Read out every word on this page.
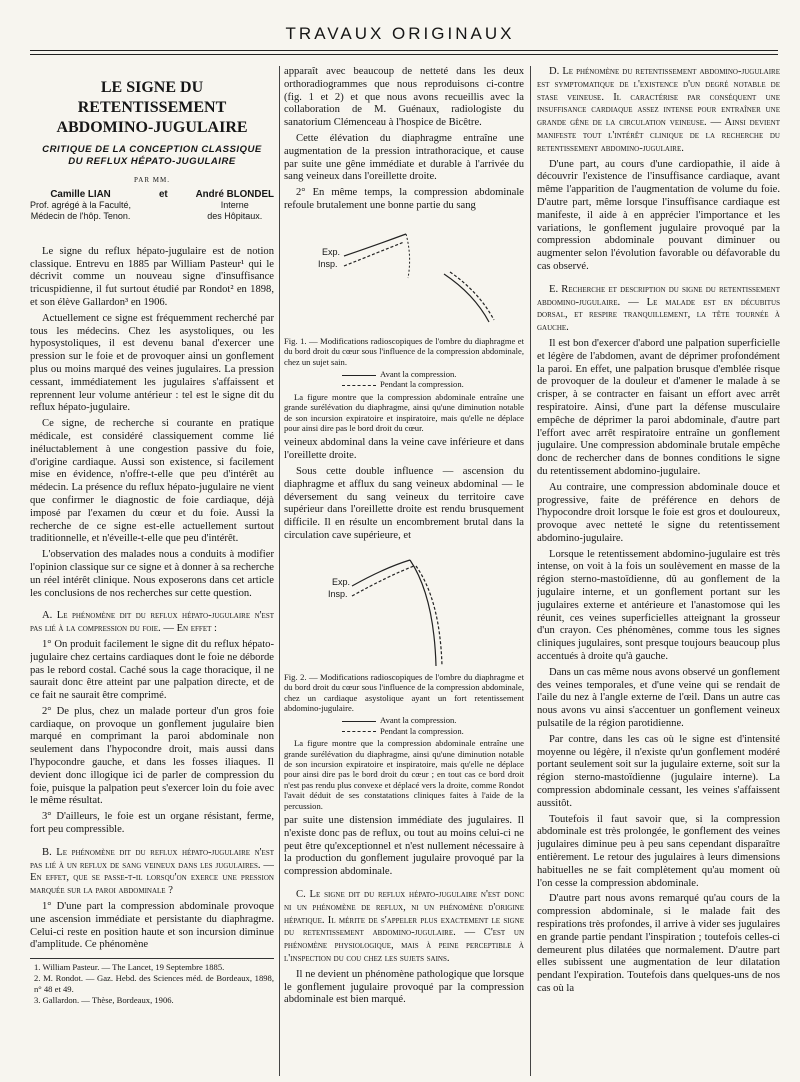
TRAVAUX ORIGINAUX
LE SIGNE DU RETENTISSEMENT
ABDOMINO-JUGULAIRE
CRITIQUE DE LA CONCEPTION CLASSIQUE
DU REFLUX HÉPATO-JUGULAIRE
PAR MM.
Camille LIAN
Prof. agrégé à la Faculté,
Médecin de l'hôp. Tenon.
et	André BLONDEL
Interne
des Hôpitaux.

Le signe du reflux hépato-jugulaire est de notion classique. Entrevu en 1885 par William Pasteur¹ qui le décrivit comme un nouveau signe d'insuffisance tricuspidienne, il fut surtout étudié par Rondot² en 1898, et son élève Gallardon³ en 1906.

Actuellement ce signe est fréquemment recherché par tous les médecins. Chez les asystoliques, ou les hyposystoliques, il est devenu banal d'exercer une pression sur le foie et de provoquer ainsi un gonflement plus ou moins marqué des veines jugulaires. La pression cessant, immédiatement les jugulaires s'affaissent et reprennent leur volume antérieur : tel est le signe dit du reflux hépato-jugulaire.

Ce signe, de recherche si courante en pratique médicale, est considéré classiquement comme lié inéluctablement à une congestion passive du foie, d'origine cardiaque. Aussi son existence, si facilement mise en évidence, n'offre-t-elle que peu d'intérêt au médecin. La présence du reflux hépato-jugulaire ne vient que confirmer le diagnostic de foie cardiaque, déjà imposé par l'examen du cœur et du foie. Aussi la recherche de ce signe est-elle actuellement surtout traditionnelle, et n'éveille-t-elle que peu d'intérêt.

L'observation des malades nous a conduits à modifier l'opinion classique sur ce signe et à donner à sa recherche un réel intérêt clinique. Nous exposerons dans cet article les conclusions de nos recherches sur cette question.

A. Le phénomène dit du reflux hépato-jugulaire n'est pas lié à la compression du foie. — En effet :

1° On produit facilement le signe dit du reflux hépato-jugulaire chez certains cardiaques dont le foie ne déborde pas le rebord costal. Caché sous la cage thoracique, il ne saurait donc être atteint par une palpation directe, et de ce fait ne saurait être comprimé.

2° De plus, chez un malade porteur d'un gros foie cardiaque, on provoque un gonflement jugulaire bien marqué en comprimant la paroi abdominale non seulement dans l'hypocondre droit, mais aussi dans l'hypocondre gauche, et dans les fosses iliaques. Il devient donc illogique ici de parler de compression du foie, puisque la palpation peut s'exercer loin du foie avec le même résultat.

3° D'ailleurs, le foie est un organe résistant, ferme, fort peu compressible.

B. Le phénomène dit du reflux hépato-jugulaire n'est pas lié à un reflux de sang veineux dans les jugulaires. — En effet, que se passe-t-il lorsqu'on exerce une pression marquée sur la paroi abdominale ?

1° D'une part la compression abdominale provoque une ascension immédiate et persistante du diaphragme. Celui-ci reste en position haute et son incursion diminue d'amplitude. Ce phénomène

1. William Pasteur. — The Lancet, 19 Septembre 1885.
2. M. Rondot. — Gaz. Hebd. des Sciences méd. de Bordeaux, 1898, n° 48 et 49.
3. Gallardon. — Thèse, Bordeaux, 1906.

apparaît avec beaucoup de netteté dans les deux orthoradiogrammes que nous reproduisons ci-contre (fig. 1 et 2) et que nous avons recueillis avec la collaboration de M. Guénaux, radiologiste du sanatorium Clémenceau à l'hospice de Bicêtre.

Cette élévation du diaphragme entraîne une augmentation de la pression intrathoracique, et cause par suite une gêne immédiate et durable à l'arrivée du sang veineux dans l'oreillette droite.

2° En même temps, la compression abdominale refoule brutalement une bonne partie du sang

Exp.
Insp.

Fig. 1. — Modifications radioscopiques de l'ombre du diaphragme et du bord droit du cœur sous l'influence de la compression abdominale, chez un sujet sain.

Avant la compression.
Pendant la compression.

La figure montre que la compression abdominale entraîne une grande surélévation du diaphragme, ainsi qu'une diminution notable de son incursion expiratoire et inspiratoire, mais qu'elle ne déplace pour ainsi dire pas le bord droit du cœur.

veineux abdominal dans la veine cave inférieure et dans l'oreillette droite.

Sous cette double influence — ascension du diaphragme et afflux du sang veineux abdominal — le déversement du sang veineux du territoire cave supérieur dans l'oreillette droite est rendu brusquement difficile. Il en résulte un encombrement brutal dans la circulation cave supérieure, et

Exp.
Insp.

Fig. 2. — Modifications radioscopiques de l'ombre du diaphragme et du bord droit du cœur sous l'influence de la compression abdominale, chez un cardiaque asystolique ayant un fort retentissement abdomino-jugulaire.

Avant la compression.
Pendant la compression.

La figure montre que la compression abdominale entraîne une grande surélévation du diaphragme, ainsi qu'une diminution notable de son incursion expiratoire et inspiratoire, mais qu'elle ne déplace pour ainsi dire pas le bord droit du cœur ; en tout cas ce bord droit n'est pas rendu plus convexe et déplacé vers la droite, comme Rondot l'avait déduit de ses constatations cliniques faites à l'aide de la percussion.

par suite une distension immédiate des jugulaires. Il n'existe donc pas de reflux, ou tout au moins celui-ci ne peut être qu'exceptionnel et n'est nullement nécessaire à la production du gonflement jugulaire provoqué par la compression abdominale.

C. Le signe dit du reflux hépato-jugulaire n'est donc ni un phénomène de reflux, ni un phénomène d'origine hépatique. Il mérite de s'appeler plus exactement le signe du retentissement abdomino-jugulaire. — C'est un phénomène physiologique, mais à peine perceptible à l'inspection du cou chez les sujets sains.

Il ne devient un phénomène pathologique que lorsque le gonflement jugulaire provoqué par la compression abdominale est bien marqué.

D. Le phénomène du retentissement abdomino-jugulaire est symptomatique de l'existence d'un degré notable de stase veineuse. Il caractérise par conséquent une insuffisance cardiaque assez intense pour entraîner une grande gêne de la circulation veineuse. — Ainsi devient manifeste tout l'intérêt clinique de la recherche du retentissement abdomino-jugulaire.

D'une part, au cours d'une cardiopathie, il aide à découvrir l'existence de l'insuffisance cardiaque, avant même l'apparition de l'augmentation de volume du foie. D'autre part, même lorsque l'insuffisance cardiaque est manifeste, il aide à en apprécier l'importance et les variations, le gonflement jugulaire provoqué par la compression abdominale pouvant diminuer ou augmenter selon l'évolution favorable ou défavorable du cas observé.

E. Recherche et description du signe du retentissement abdomino-jugulaire. — Le malade est en décubitus dorsal, et respire tranquillement, la tête tournée à gauche.

Il est bon d'exercer d'abord une palpation superficielle et légère de l'abdomen, avant de déprimer profondément la paroi. En effet, une palpation brusque d'emblée risque de provoquer de la douleur et d'amener le malade à se crisper, à se contracter en faisant un effort avec arrêt respiratoire. Ainsi, d'une part la défense musculaire empêche de déprimer la paroi abdominale, d'autre part l'effort avec arrêt respiratoire entraîne un gonflement jugulaire. Une compression abdominale brutale empêche donc de rechercher dans de bonnes conditions le signe du retentissement abdomino-jugulaire.

Au contraire, une compression abdominale douce et progressive, faite de préférence en dehors de l'hypocondre droit lorsque le foie est gros et douloureux, provoque avec netteté le signe du retentissement abdomino-jugulaire.

Lorsque le retentissement abdomino-jugulaire est très intense, on voit à la fois un soulèvement en masse de la région sterno-mastoïdienne, dû au gonflement de la jugulaire interne, et un gonflement portant sur les jugulaires externe et antérieure et l'anastomose qui les réunit, ces veines superficielles atteignant la grosseur d'un crayon. Ces phénomènes, comme tous les signes cliniques jugulaires, sont presque toujours beaucoup plus accentués à droite qu'à gauche.

Dans un cas même nous avons observé un gonflement des veines temporales, et d'une veine qui se rendait de l'aile du nez à l'angle externe de l'œil. Dans un autre cas nous avons vu ainsi s'accentuer un gonflement veineux pulsatile de la région parotidienne.

Par contre, dans les cas où le signe est d'intensité moyenne ou légère, il n'existe qu'un gonflement modéré portant seulement soit sur la jugulaire externe, soit sur la région sterno-mastoïdienne (jugulaire interne). La compression abdominale cessant, les veines s'affaissent aussitôt.

Toutefois il faut savoir que, si la compression abdominale est très prolongée, le gonflement des veines jugulaires diminue peu à peu sans cependant disparaître entièrement. Le retour des jugulaires à leurs dimensions habituelles ne se fait complètement qu'au moment où l'on cesse la compression abdominale.

D'autre part nous avons remarqué qu'au cours de la compression abdominale, si le malade fait des respirations très profondes, il arrive à vider ses jugulaires en grande partie pendant l'inspiration ; toutefois celles-ci demeurent plus dilatées que normalement. D'autre part elles subissent une augmentation de leur dilatation pendant l'expiration. Toutefois dans quelques-uns de nos cas où la
